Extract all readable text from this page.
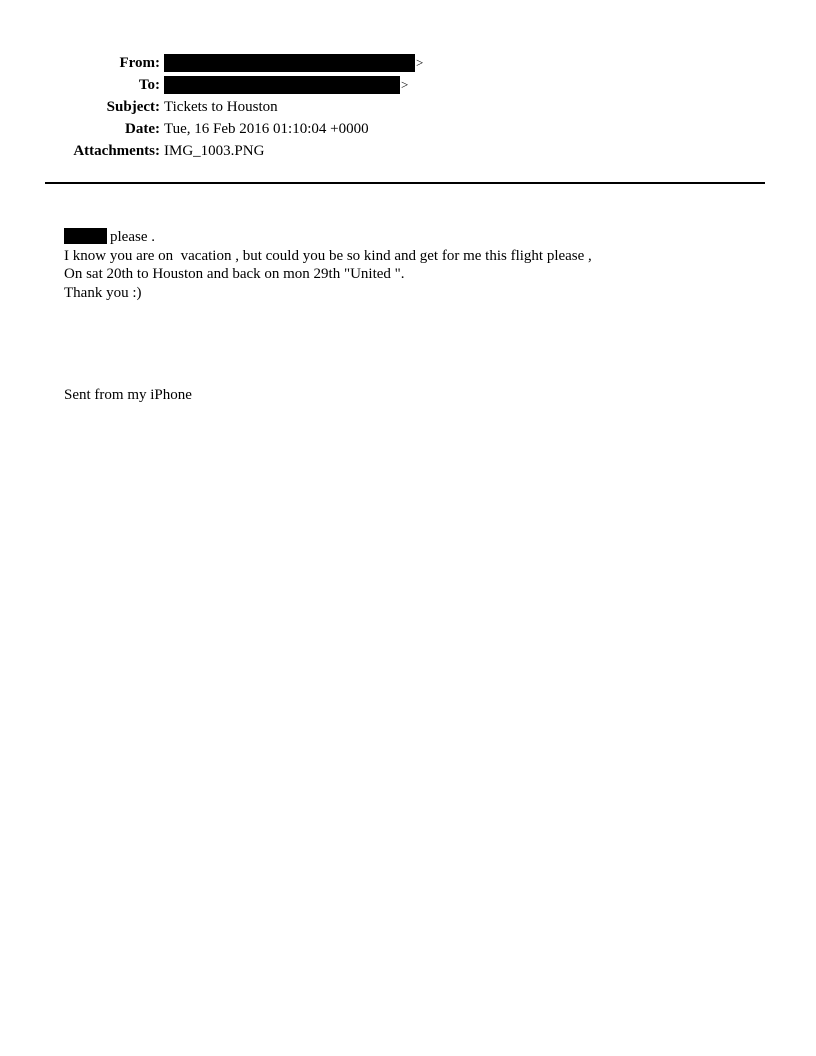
From:	>
To:	>
Subject: Tickets to Houston
Date: Tue, 16 Feb 2016 01:10:04 +0000
Attachments: IMG_1003.PNG
please .
I know you are on  vacation , but could you be so kind and get for me this flight please ,
On sat 20th to Houston and back on mon 29th "United ".
Thank you :)
Sent from my iPhone
